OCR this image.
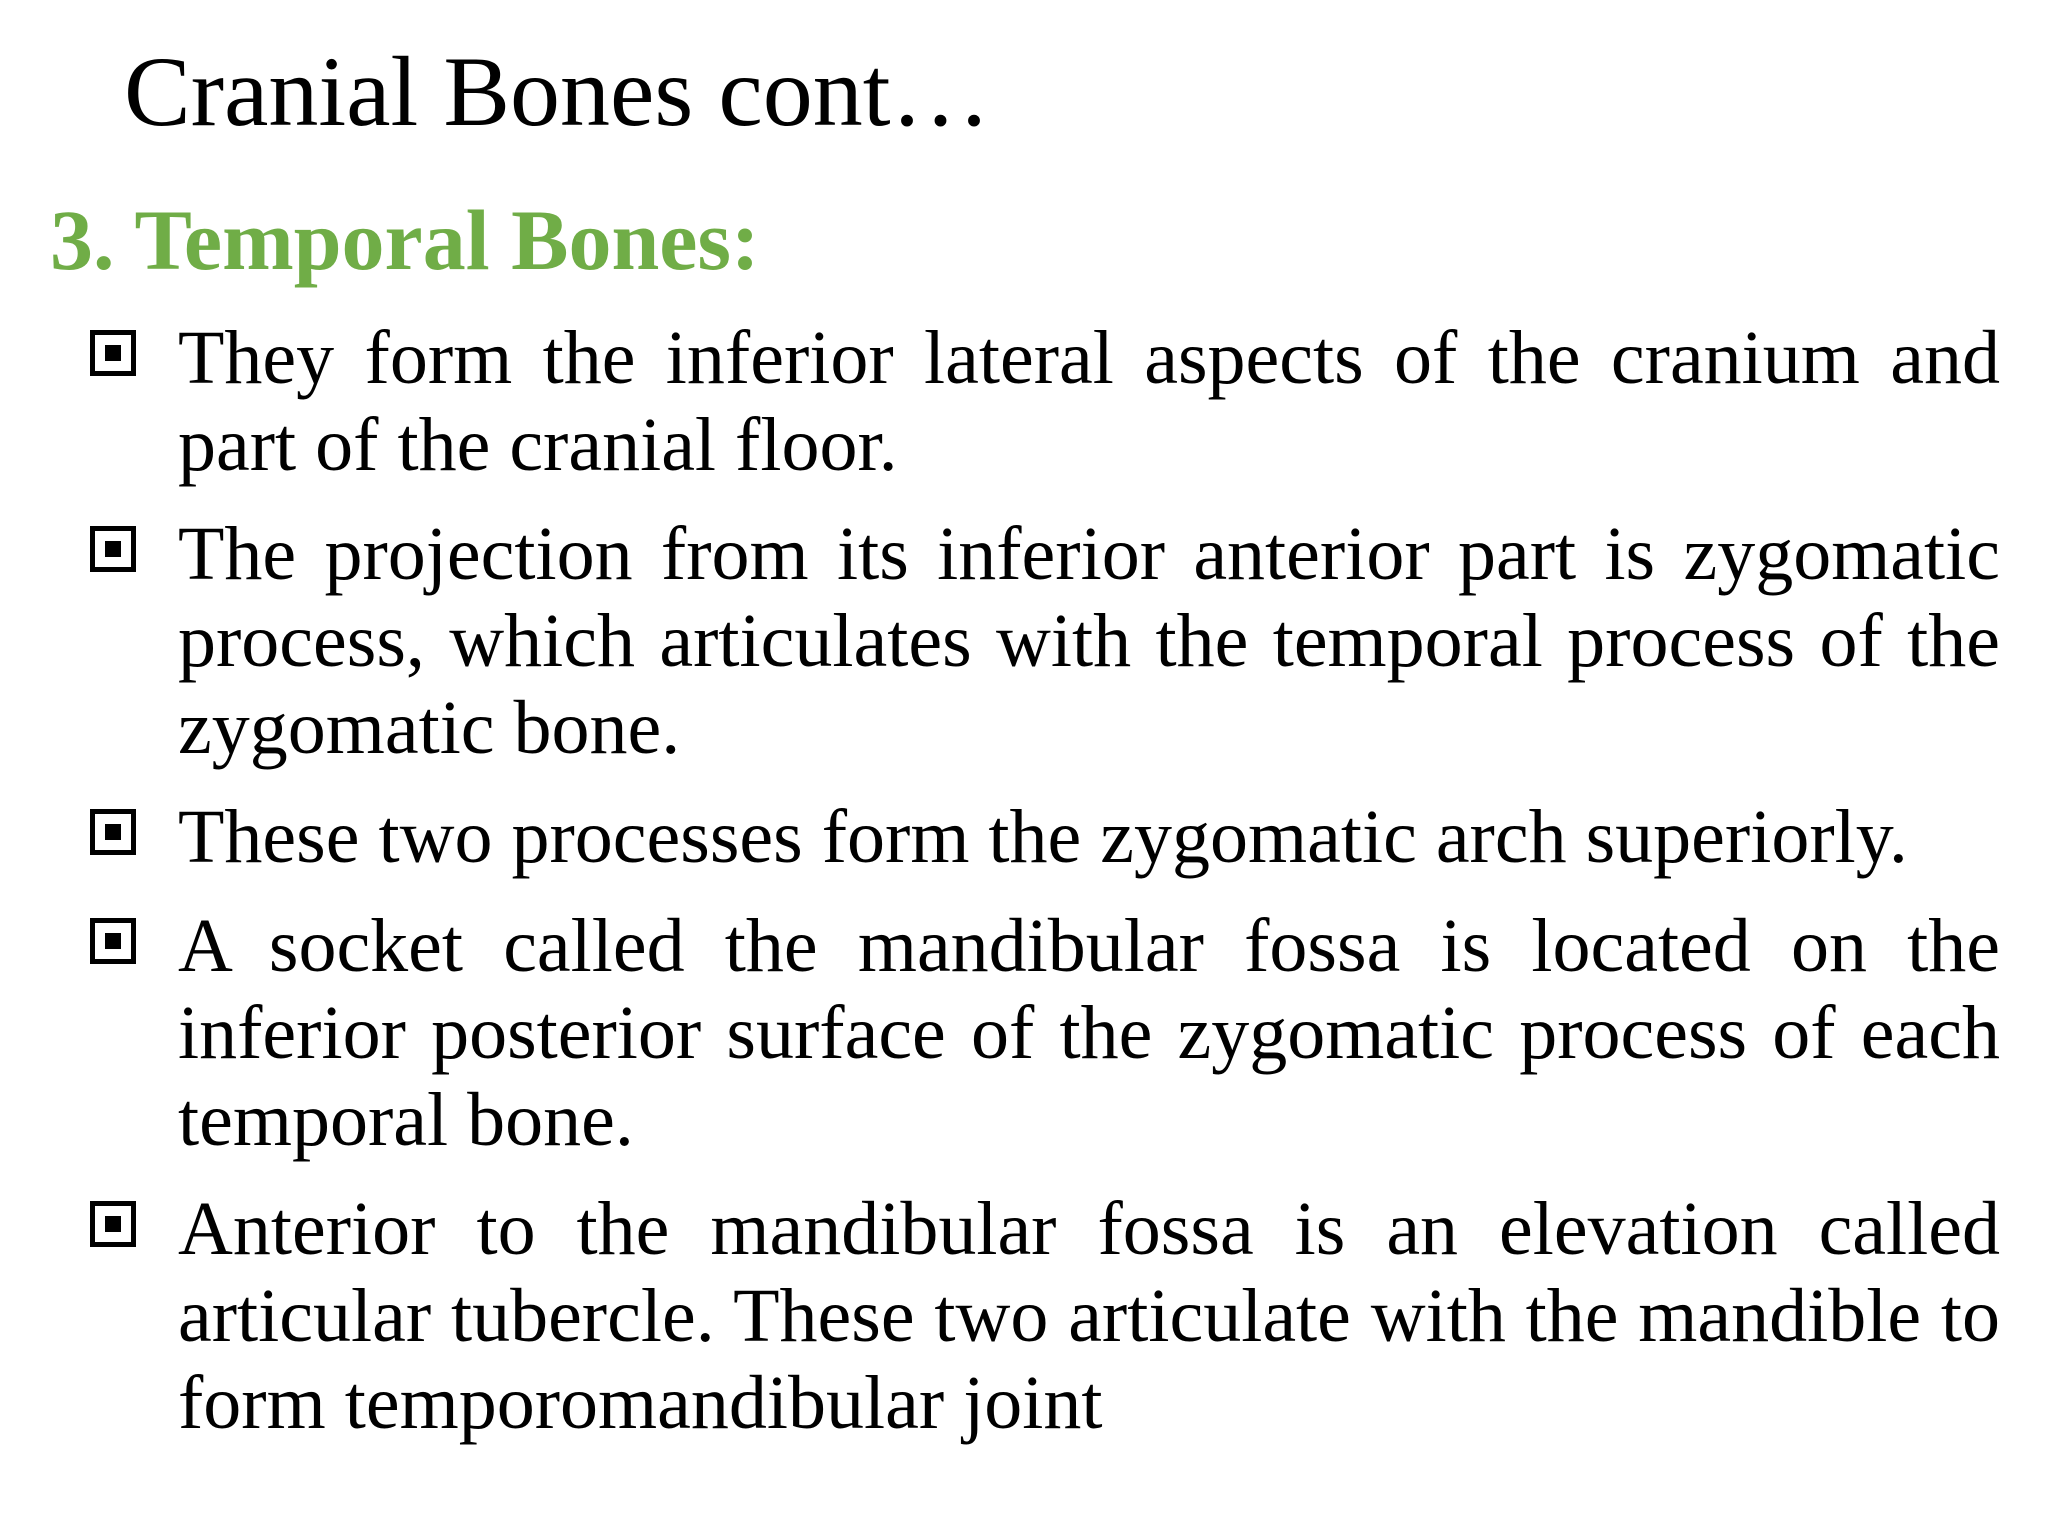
Cranial Bones cont…
3. Temporal Bones:
They form the inferior lateral aspects of the cranium and part of the cranial floor.
The projection from its inferior anterior part is zygomatic process, which articulates with the temporal process of the zygomatic bone.
These two processes form the zygomatic arch superiorly.
A socket called the mandibular fossa is located on the inferior posterior surface of the zygomatic process of each temporal bone.
Anterior to the mandibular fossa is an elevation called articular tubercle. These two articulate with the mandible to form temporomandibular joint
